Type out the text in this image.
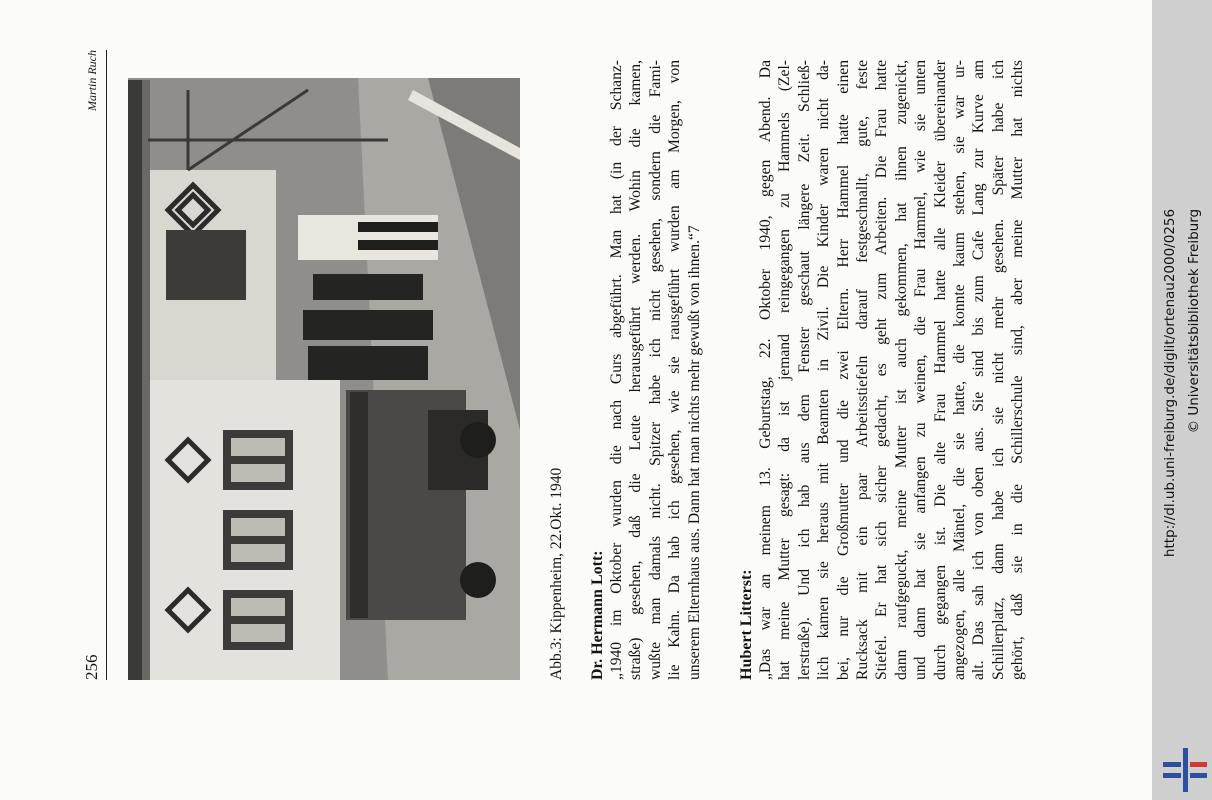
256
Martin Ruch
Abb.3: Kippenheim, 22.Okt. 1940 Dr. Hermann Lott: „1940 im Oktober wurden die nach Gurs abgeführt. Man hat (in der Schanz- straße) gesehen, daß die Leute herausgeführt werden. Wohin die kamen, wußte man damals nicht. Spitzer habe ich nicht gesehen, sondern die Fami- lie Kahn. Da hab ich gesehen, wie sie rausgeführt wurden am Morgen, von unserem Elternhaus aus. Dann hat man nichts mehr gewußt von ihnen.“7 Hubert Litterst: „Das war an meinem 13. Geburtstag, 22. Oktober 1940, gegen Abend. Da hat meine Mutter gesagt: da ist jemand reingegangen zu Hammels (Zel- lerstraße). Und ich hab aus dem Fenster geschaut längere Zeit. Schließ- lich kamen sie heraus mit Beamten in Zivil. Die Kinder waren nicht da- bei, nur die Großmutter und die zwei Eltern. Herr Hammel hatte einen Rucksack mit ein paar Arbeitsstiefeln darauf festgeschnallt, gute, feste Stiefel. Er hat sich sicher gedacht, es geht zum Arbeiten. Die Frau hatte dann raufgeguckt, meine Mutter ist auch gekommen, hat ihnen zugenickt, und dann hat sie anfangen zu weinen, die Frau Hammel, wie sie unten durch gegangen ist. Die alte Frau Hammel hatte alle Kleider übereinander angezogen, alle Mäntel, die sie hatte, die konnte kaum stehen, sie war ur- alt. Das sah ich von oben aus. Sie sind bis zum Cafe Lang zur Kurve am Schillerplatz, dann habe ich sie nicht mehr gesehen. Später habe ich gehört, daß sie in die Schillerschule sind, aber meine Mutter hat nichts	http://dl.ub.uni-freiburg.de/diglit/ortenau2000/0256 © Universitätsbibliothek Freiburg
